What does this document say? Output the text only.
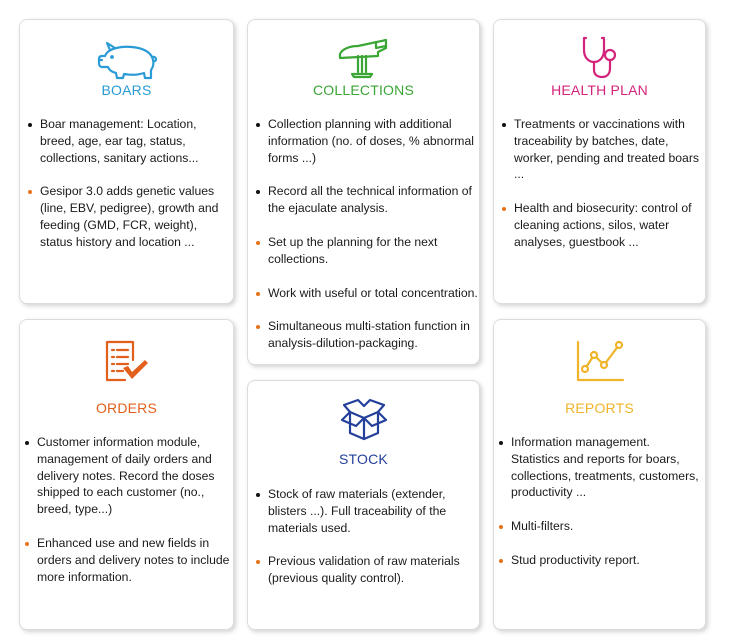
BOARS
Boar management: Location, breed, age, ear tag, status, collections, sanitary actions...
Gesipor 3.0 adds genetic values (line, EBV, pedigree), growth and feeding (GMD, FCR, weight), status history and location ...
COLLECTIONS
Collection planning with additional information (no. of doses, % abnormal forms ...)
Record all the technical information of the ejaculate analysis.
Set up the planning for the next collections.
Work with useful or total concentration.
Simultaneous multi-station function in analysis-dilution-packaging.
HEALTH PLAN
Treatments or vaccinations with traceability by batches, date, worker, pending and treated boars ...
Health and biosecurity: control of cleaning actions, silos, water analyses, guestbook ...
ORDERS
Customer information module, management of daily orders and delivery notes. Record the doses shipped to each customer (no., breed, type...)
Enhanced use and new fields in orders and delivery notes to include more information.
STOCK
Stock of raw materials (extender, blisters ...). Full traceability of the materials used.
Previous validation of raw materials (previous quality control).
REPORTS
Information management. Statistics and reports for boars, collections, treatments, customers, productivity ...
Multi-filters.
Stud productivity report.
